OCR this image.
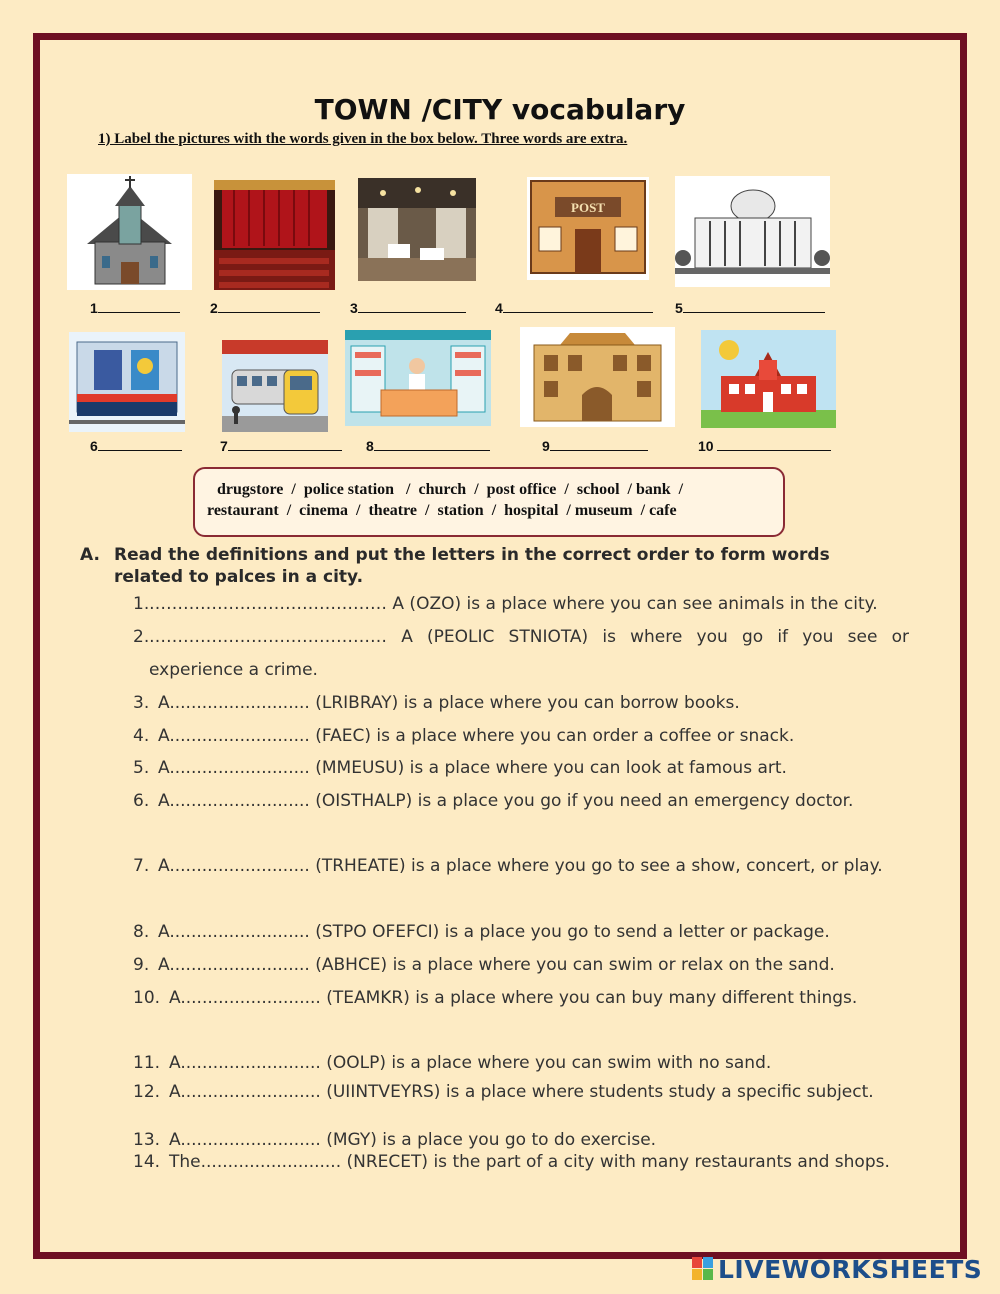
TOWN /CITY vocabulary
1) Label the pictures with the words given in the box below. Three words are extra.
POST
1	2	3	4	5
6	7	8	9	10
drugstore  /  police station   /  church  /  post office  /  school  / bank  /
restaurant  /  cinema  /  theatre  /  station  /  hospital  / museum  / cafe
A. Read the definitions and put the letters in the correct order to form words related to palces in a city.
1. …………………………………… A (OZO) is a place where you can see animals in the city.
2. …………………………………… A (PEOLIC STNIOTA) is where you go if you see or experience a crime.
3. A.......................... (LRIBRAY) is a place where you can borrow books.
4. A.......................... (FAEC) is a place where you can order a coffee or snack.
5. A.......................... (MMEUSU) is a place where you can look at famous art.
6. A.......................... (OISTHALP) is a place you go if you need an emergency doctor.
7. A.......................... (TRHEATE) is a place where you go to see a show, concert, or play.
8. A.......................... (STPO OFEFCI) is a place you go to send a letter or package.
9. A.......................... (ABHCE) is a place where you can swim or relax on the sand.
10. A.......................... (TEAMKR) is a place where you can buy many different things.
11. A.......................... (OOLP) is a place where you can swim with no sand.
12. A.......................... (UIINTVEYRS) is a place where students study a specific subject.
13. A.......................... (MGY) is a place you go to do exercise.
14. The.......................... (NRECET) is the part of a city with many restaurants and shops.
LIVEWORKSHEETS
